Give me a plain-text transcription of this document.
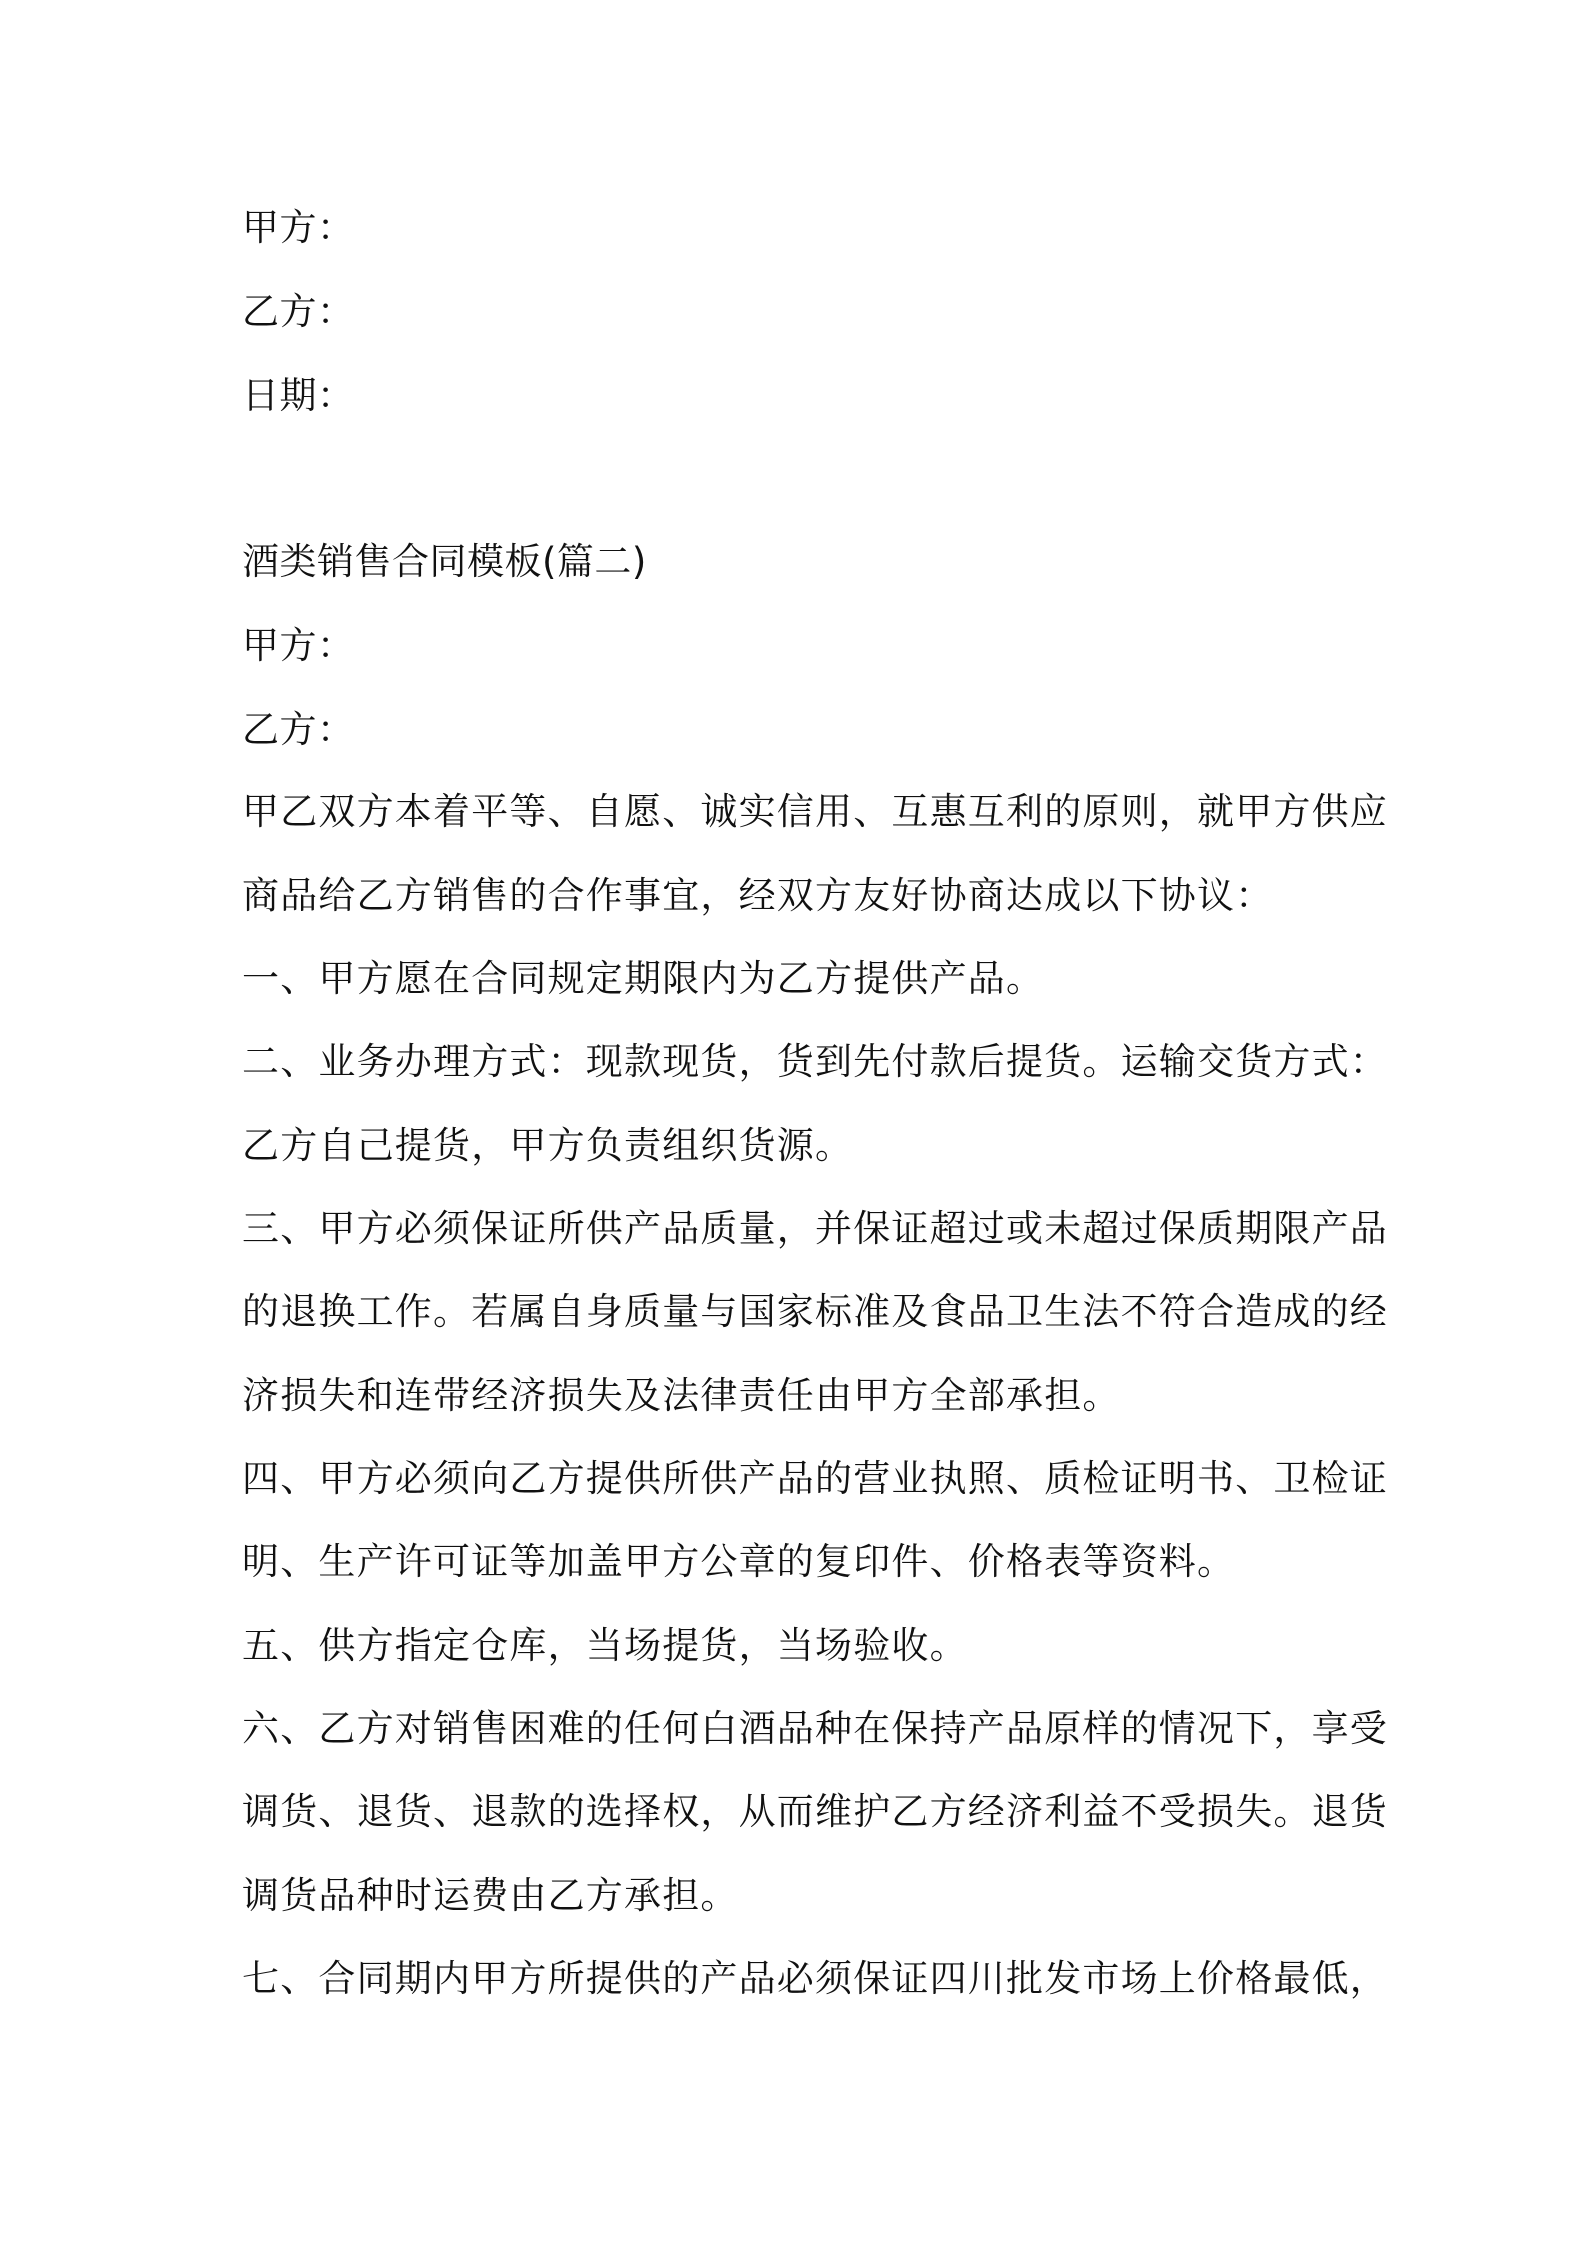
甲方：
乙方：
日期：
酒类销售合同模板(篇二)
甲方：
乙方：
甲乙双方本着平等、自愿、诚实信用、互惠互利的原则，就甲方供应
商品给乙方销售的合作事宜，经双方友好协商达成以下协议：
一、甲方愿在合同规定期限内为乙方提供产品。
二、业务办理方式：现款现货，货到先付款后提货。运输交货方式：
乙方自己提货，甲方负责组织货源。
三、甲方必须保证所供产品质量，并保证超过或未超过保质期限产品
的退换工作。若属自身质量与国家标准及食品卫生法不符合造成的经
济损失和连带经济损失及法律责任由甲方全部承担。
四、甲方必须向乙方提供所供产品的营业执照、质检证明书、卫检证
明、生产许可证等加盖甲方公章的复印件、价格表等资料。
五、供方指定仓库，当场提货，当场验收。
六、乙方对销售困难的任何白酒品种在保持产品原样的情况下，享受
调货、退货、退款的选择权，从而维护乙方经济利益不受损失。退货
调货品种时运费由乙方承担。
七、合同期内甲方所提供的产品必须保证四川批发市场上价格最低，
